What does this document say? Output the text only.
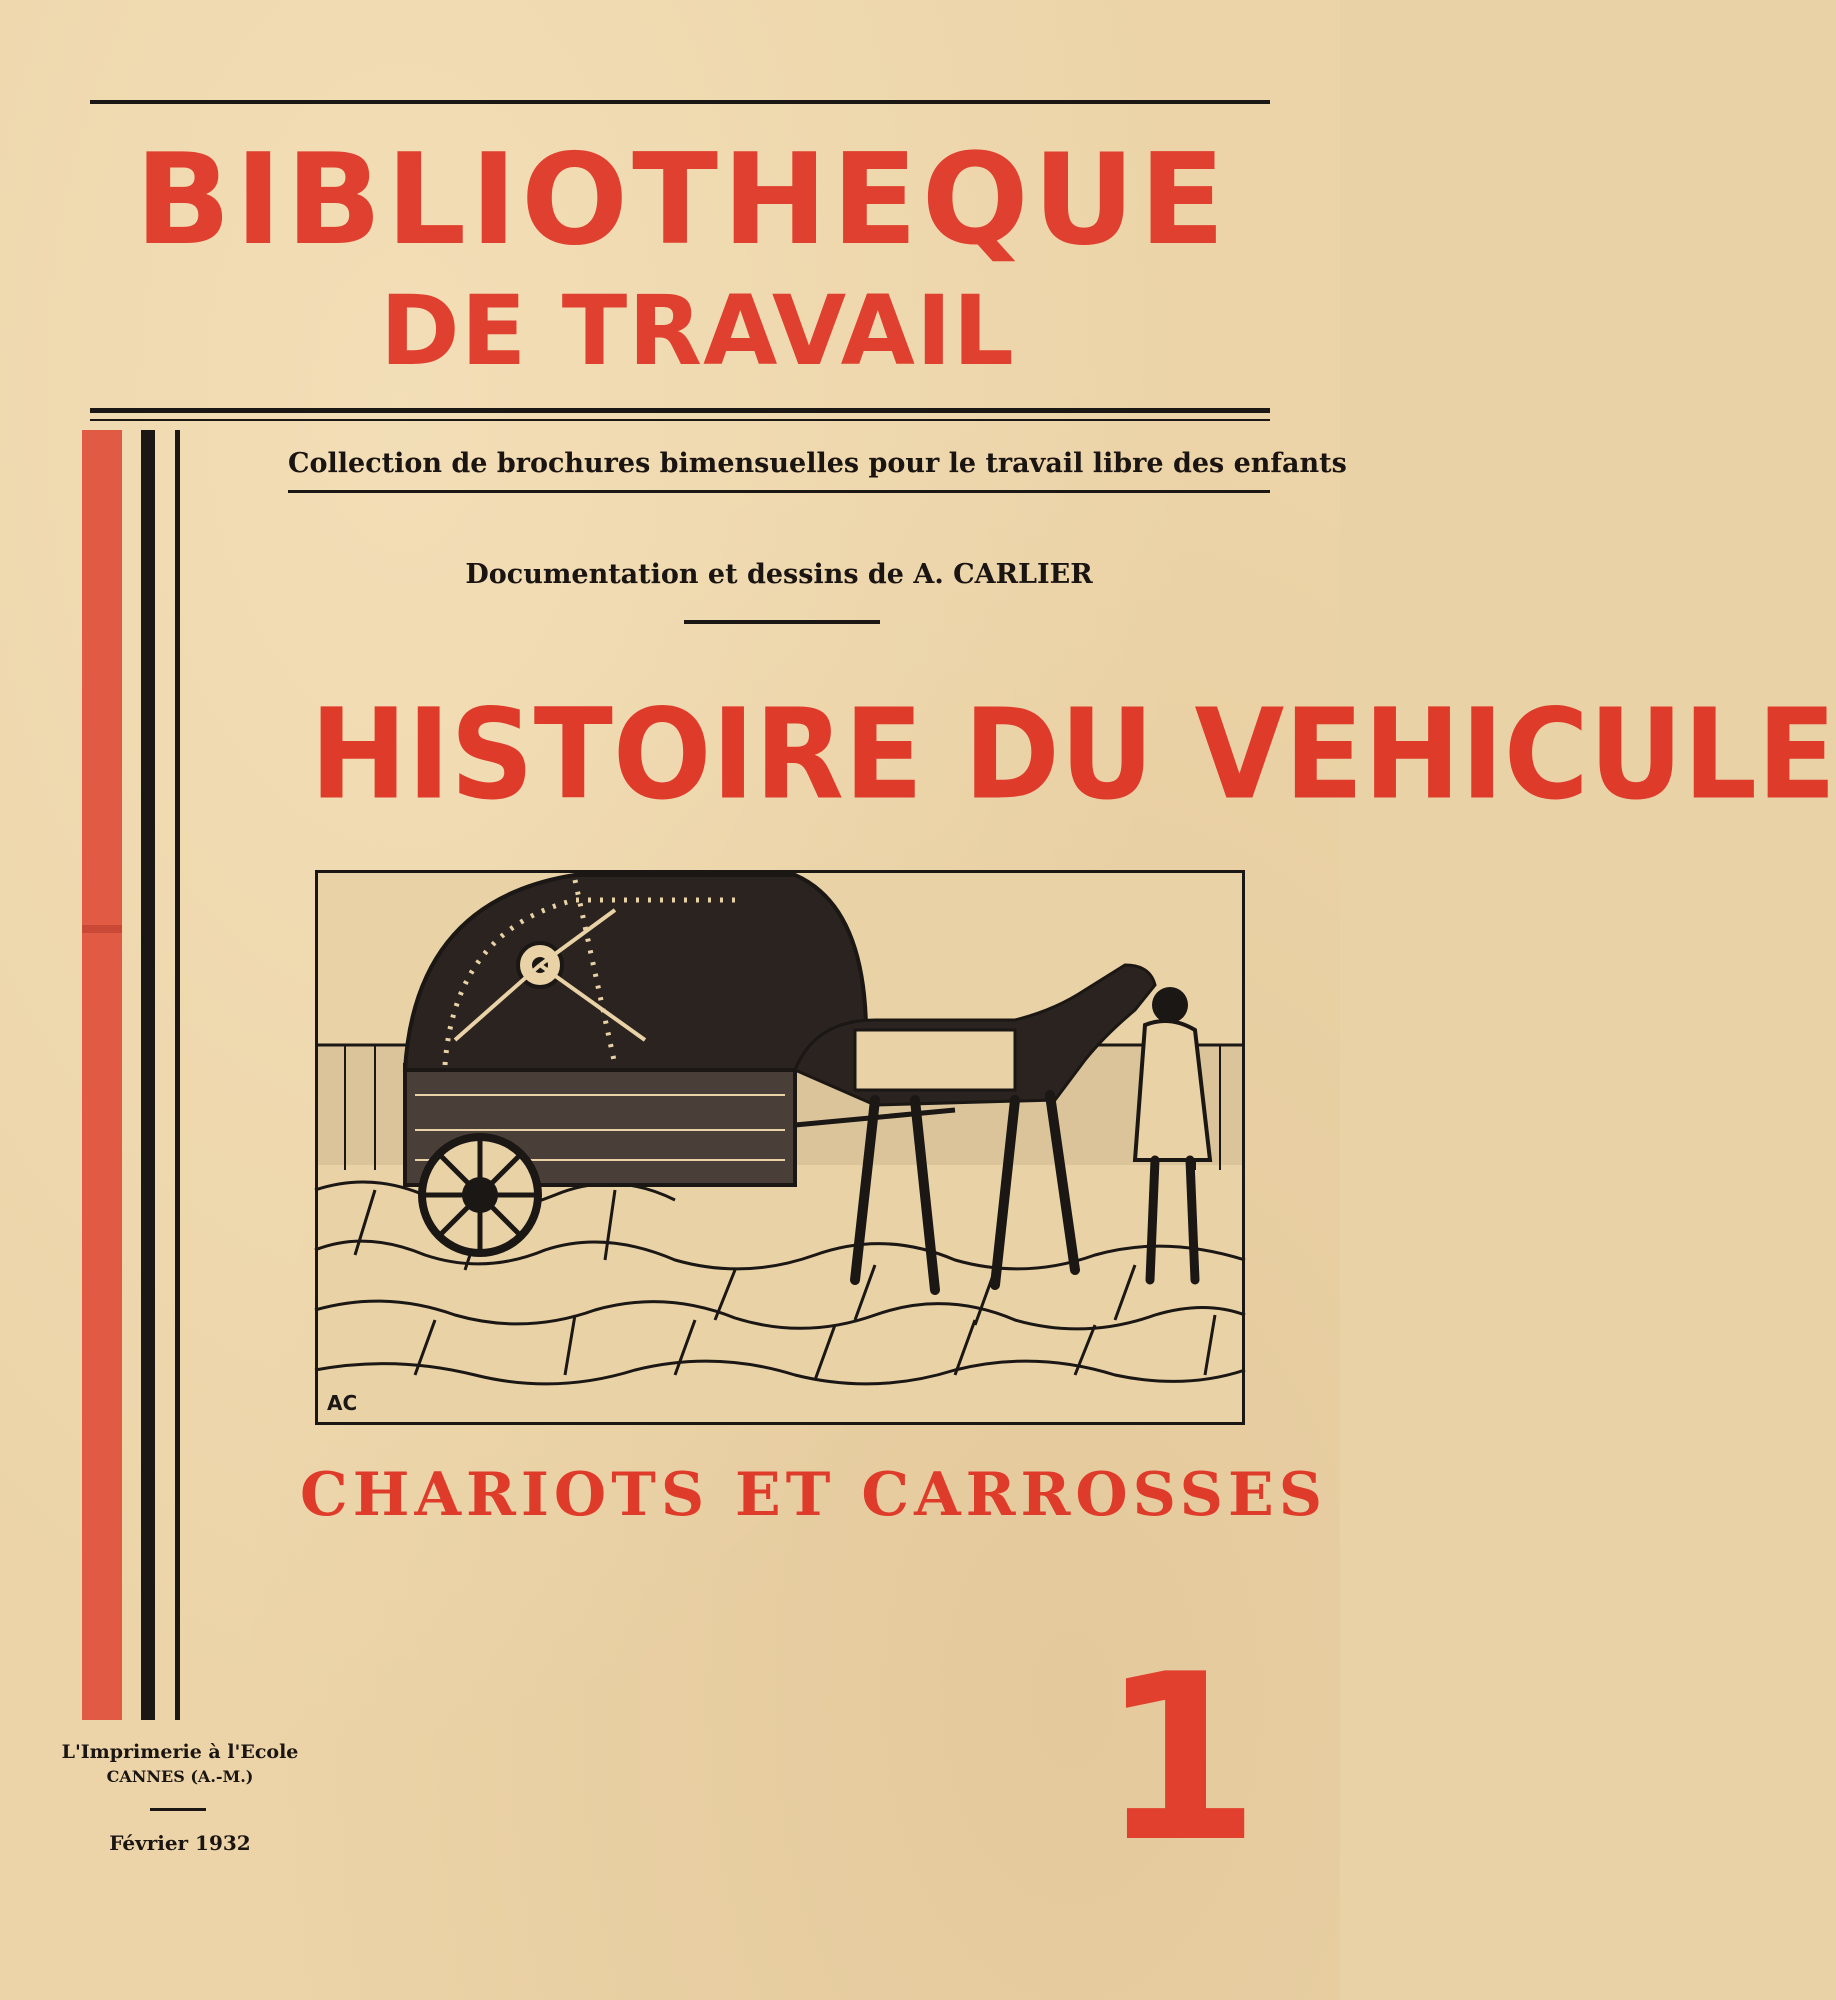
BIBLIOTHEQUE
DE TRAVAIL
Collection de brochures bimensuelles pour le travail libre des enfants
Documentation et dessins de A. CARLIER
HISTOIRE DU VEHICULE
AC
CHARIOTS ET CARROSSES
1
L'Imprimerie à l'Ecole
CANNES (A.-M.)
Février 1932
